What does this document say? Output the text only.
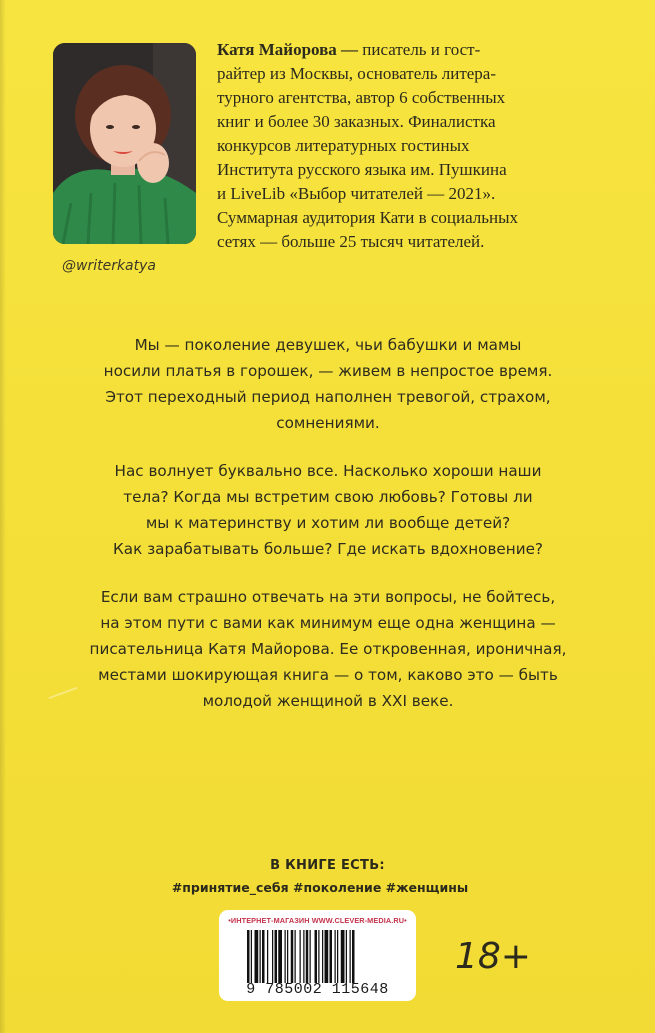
@writerkatya
Катя Майорова — писатель и гост-
райтер из Москвы, основатель литера-
турного агентства, автор 6 собственных
книг и более 30 заказных. Финалистка
конкурсов литературных гостиных
Института русского языка им. Пушкина
и LiveLib «Выбор читателей — 2021».
Суммарная аудитория Кати в социальных
сетях — больше 25 тысяч читателей.

Мы — поколение девушек, чьи бабушки и мамы
носили платья в горошек, — живем в непростое время.
Этот переходный период наполнен тревогой, страхом,
сомнениями.

Нас волнует буквально все. Насколько хороши наши
тела? Когда мы встретим свою любовь? Готовы ли
мы к материнству и хотим ли вообще детей?
Как зарабатывать больше? Где искать вдохновение?

Если вам страшно отвечать на эти вопросы, не бойтесь,
на этом пути с вами как минимум еще одна женщина —
писательница Катя Майорова. Ее откровенная, ироничная,
местами шокирующая книга — о том, каково это — быть
молодой женщиной в XXI веке.

В КНИГЕ ЕСТЬ:
#принятие_себя #поколение #женщины
•ИНТЕРНЕТ-МАГАЗИН WWW.CLEVER-MEDIA.RU•
9 785002 115648
18+
